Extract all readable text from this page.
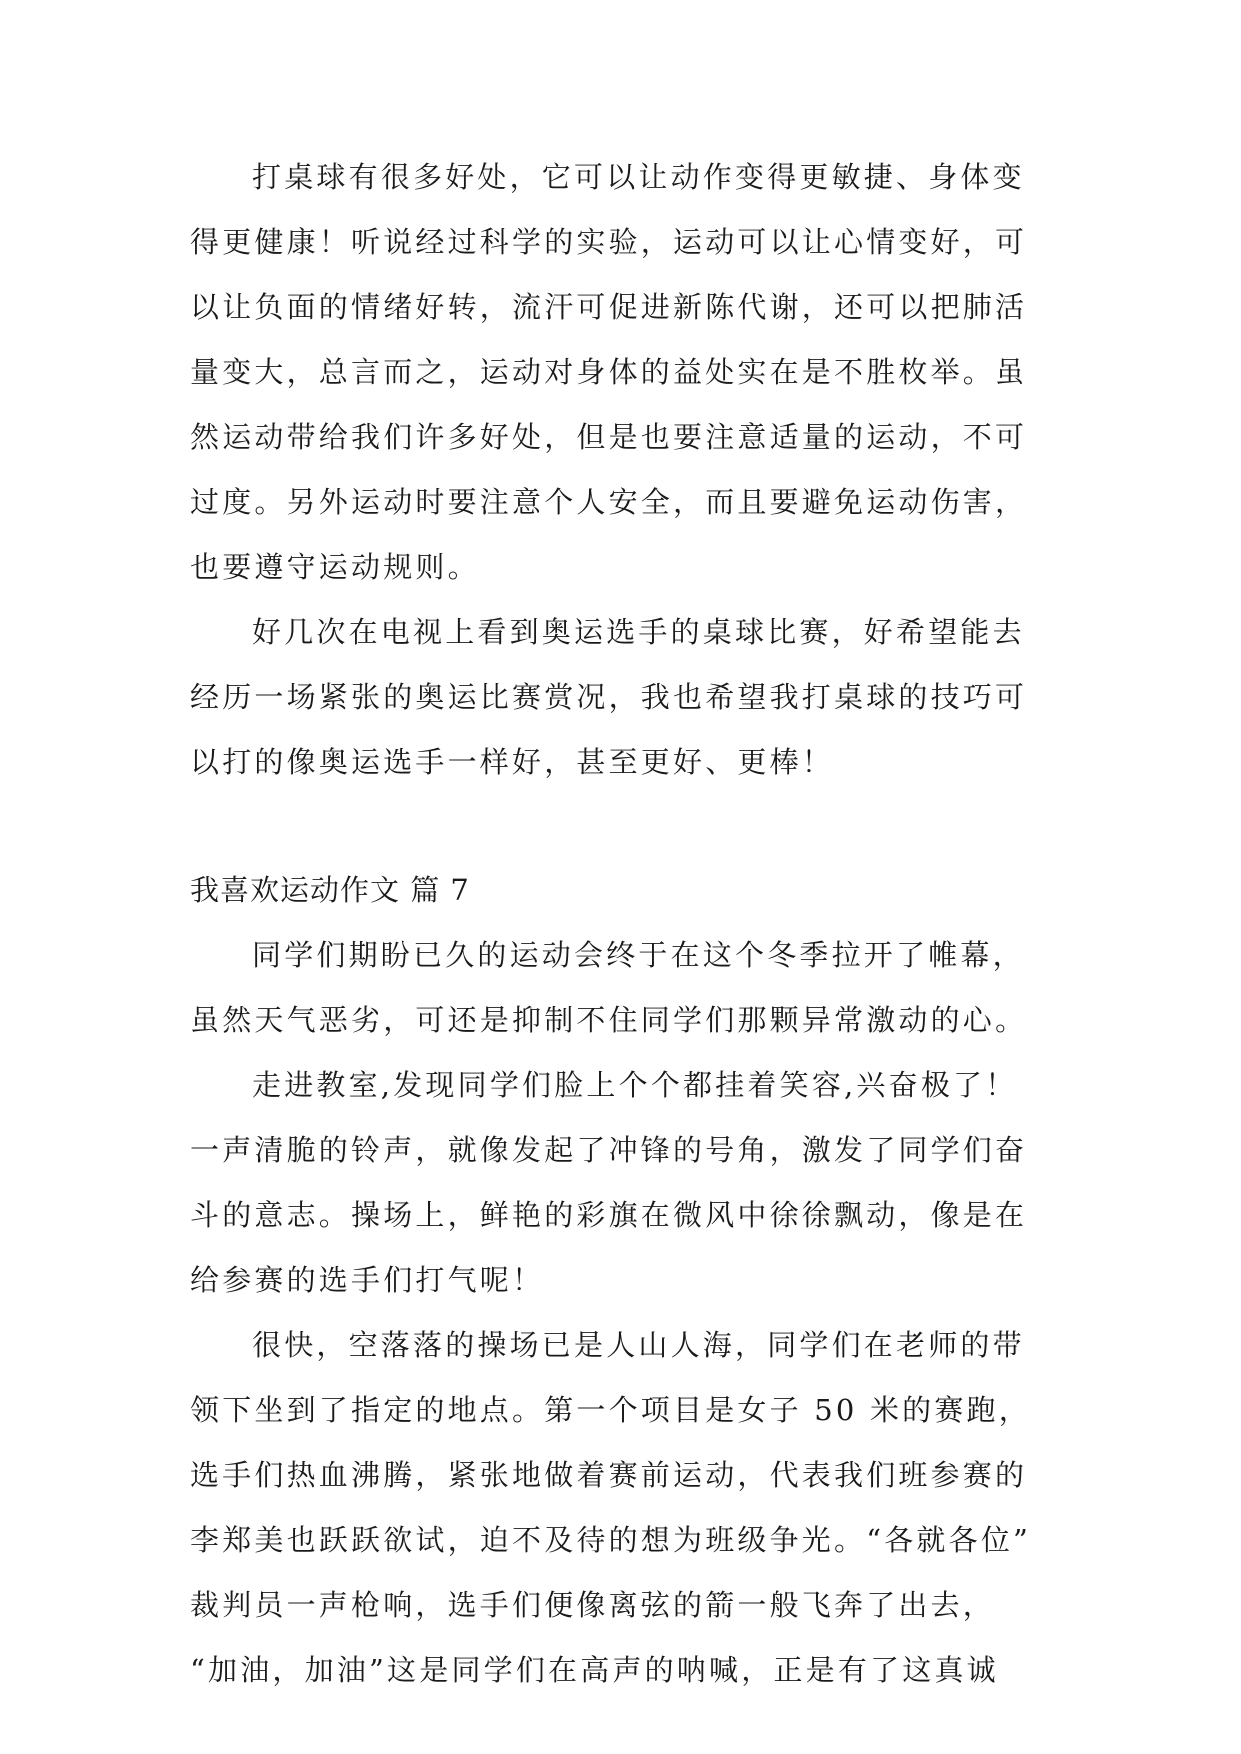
打桌球有很多好处，它可以让动作变得更敏捷、身体变
得更健康！听说经过科学的实验，运动可以让心情变好，可
以让负面的情绪好转，流汗可促进新陈代谢，还可以把肺活
量变大，总言而之，运动对身体的益处实在是不胜枚举。虽
然运动带给我们许多好处，但是也要注意适量的运动，不可
过度。另外运动时要注意个人安全，而且要避免运动伤害，
也要遵守运动规则。
好几次在电视上看到奥运选手的桌球比赛，好希望能去
经历一场紧张的奥运比赛赏况，我也希望我打桌球的技巧可
以打的像奥运选手一样好，甚至更好、更棒！
我喜欢运动作文 篇 7
同学们期盼已久的运动会终于在这个冬季拉开了帷幕，
虽然天气恶劣，可还是抑制不住同学们那颗异常激动的心。
走进教室,发现同学们脸上个个都挂着笑容,兴奋极了！
一声清脆的铃声，就像发起了冲锋的号角，激发了同学们奋
斗的意志。操场上，鲜艳的彩旗在微风中徐徐飘动，像是在
给参赛的选手们打气呢！
很快，空落落的操场已是人山人海，同学们在老师的带
领下坐到了指定的地点。第一个项目是女子 50 米的赛跑，
选手们热血沸腾，紧张地做着赛前运动，代表我们班参赛的
李郑美也跃跃欲试，迫不及待的想为班级争光。“各就各位”
裁判员一声枪响，选手们便像离弦的箭一般飞奔了出去，
“加油，加油”这是同学们在高声的呐喊，正是有了这真诚
